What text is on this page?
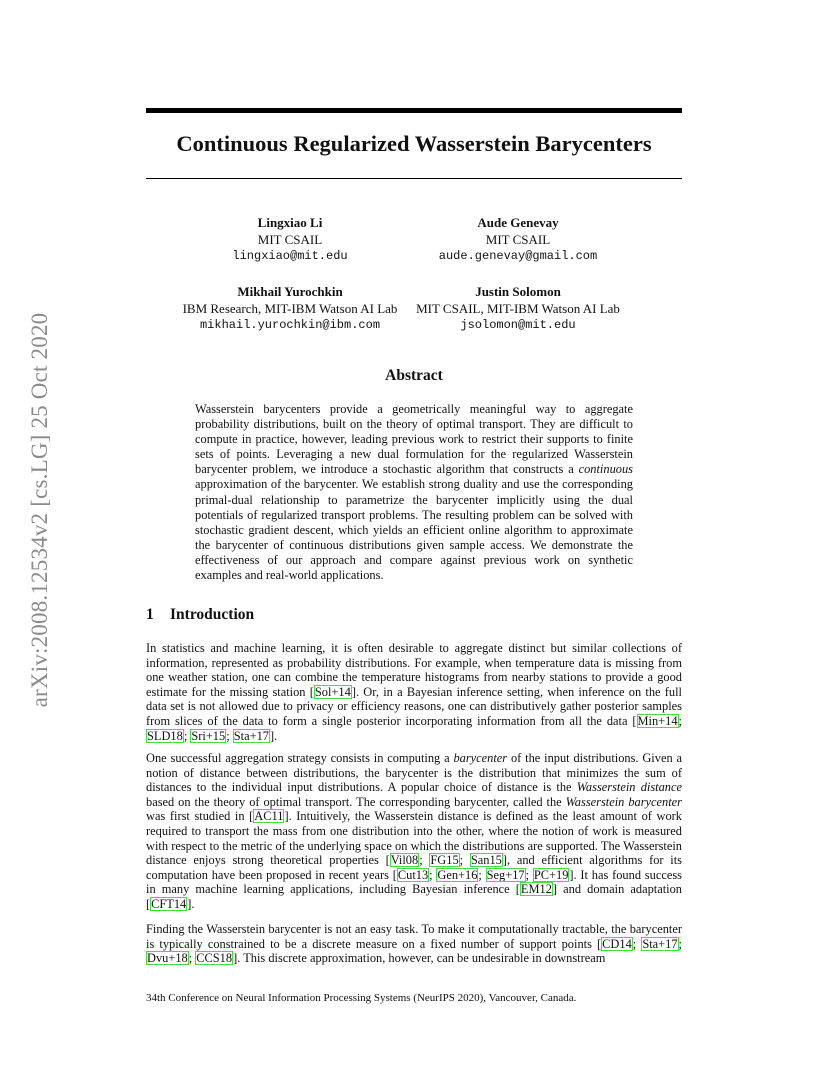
arXiv:2008.12534v2 [cs.LG] 25 Oct 2020
Continuous Regularized Wasserstein Barycenters
Lingxiao Li
MIT CSAIL
lingxiao@mit.edu
Aude Genevay
MIT CSAIL
aude.genevay@gmail.com
Mikhail Yurochkin
IBM Research, MIT-IBM Watson AI Lab
mikhail.yurochkin@ibm.com
Justin Solomon
MIT CSAIL, MIT-IBM Watson AI Lab
jsolomon@mit.edu
Abstract
Wasserstein barycenters provide a geometrically meaningful way to aggregate probability distributions, built on the theory of optimal transport. They are difficult to compute in practice, however, leading previous work to restrict their supports to finite sets of points. Leveraging a new dual formulation for the regularized Wasserstein barycenter problem, we introduce a stochastic algorithm that constructs a continuous approximation of the barycenter. We establish strong duality and use the corresponding primal-dual relationship to parametrize the barycenter implicitly using the dual potentials of regularized transport problems. The resulting problem can be solved with stochastic gradient descent, which yields an efficient online algorithm to approximate the barycenter of continuous distributions given sample access. We demonstrate the effectiveness of our approach and compare against previous work on synthetic examples and real-world applications.
1 Introduction
In statistics and machine learning, it is often desirable to aggregate distinct but similar collections of information, represented as probability distributions. For example, when temperature data is missing from one weather station, one can combine the temperature histograms from nearby stations to provide a good estimate for the missing station [Sol+14]. Or, in a Bayesian inference setting, when inference on the full data set is not allowed due to privacy or efficiency reasons, one can distributively gather posterior samples from slices of the data to form a single posterior incorporating information from all the data [Min+14; SLD18; Sri+15; Sta+17].
One successful aggregation strategy consists in computing a barycenter of the input distributions. Given a notion of distance between distributions, the barycenter is the distribution that minimizes the sum of distances to the individual input distributions. A popular choice of distance is the Wasserstein distance based on the theory of optimal transport. The corresponding barycenter, called the Wasserstein barycenter was first studied in [AC11]. Intuitively, the Wasserstein distance is defined as the least amount of work required to transport the mass from one distribution into the other, where the notion of work is measured with respect to the metric of the underlying space on which the distributions are supported. The Wasserstein distance enjoys strong theoretical properties [Vil08; FG15; San15], and efficient algorithms for its computation have been proposed in recent years [Cut13; Gen+16; Seg+17; PC+19]. It has found success in many machine learning applications, including Bayesian inference [EM12] and domain adaptation [CFT14].
Finding the Wasserstein barycenter is not an easy task. To make it computationally tractable, the barycenter is typically constrained to be a discrete measure on a fixed number of support points [CD14; Sta+17; Dvu+18; CCS18]. This discrete approximation, however, can be undesirable in downstream
34th Conference on Neural Information Processing Systems (NeurIPS 2020), Vancouver, Canada.
